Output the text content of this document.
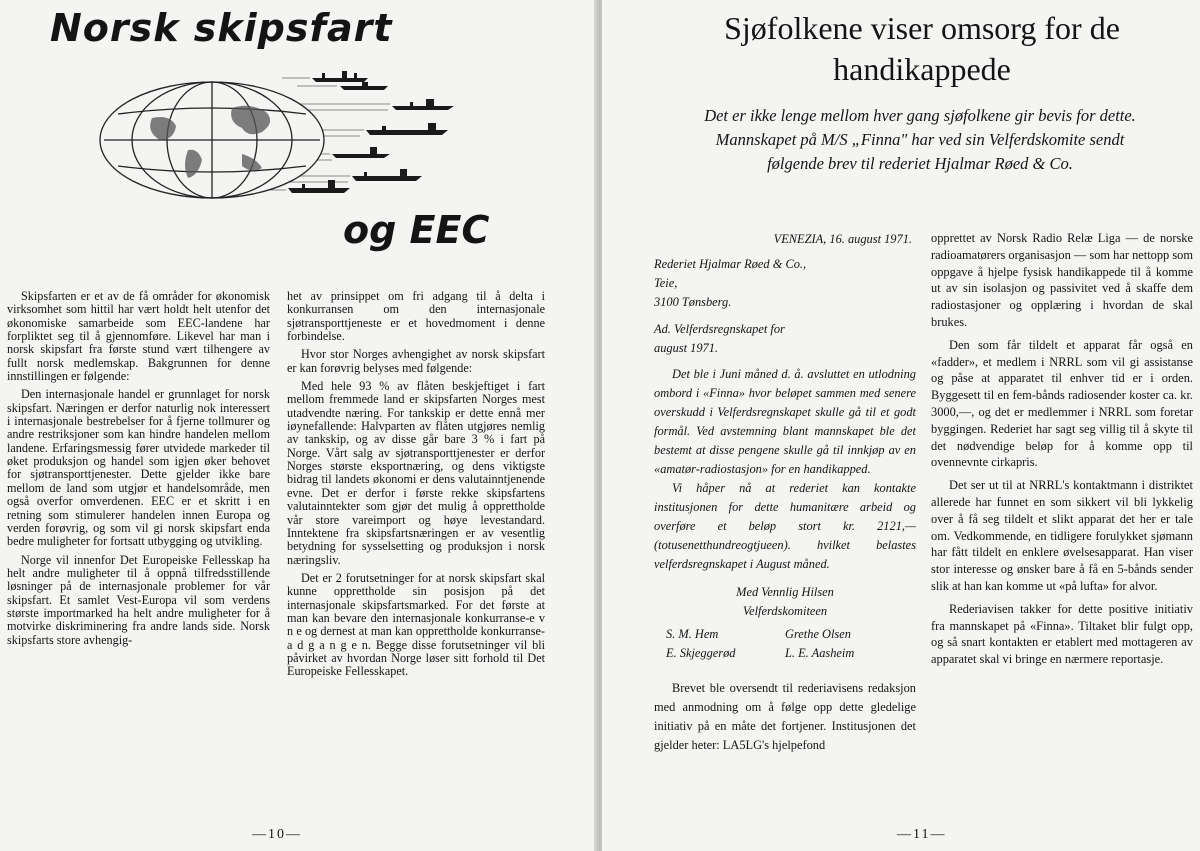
Norsk skipsfart
og EEC

Skipsfarten er et av de få områder for økonomisk virksomhet som hittil har vært holdt helt utenfor det økonomiske samarbeide som EEC-landene har forpliktet seg til å gjennomføre. Likevel har man i norsk skipsfart fra første stund vært tilhengere av fullt norsk medlemskap. Bakgrunnen for denne innstillingen er følgende:

Den internasjonale handel er grunnlaget for norsk skipsfart. Næringen er derfor naturlig nok interessert i internasjonale bestrebelser for å fjerne tollmurer og andre restriksjoner som kan hindre handelen mellom landene. Erfaringsmessig fører utvidede markeder til øket produksjon og handel som igjen øker behovet for sjøtransporttjenester. Dette gjelder ikke bare mellom de land som utgjør et handelsområde, men også overfor omverdenen. EEC er et skritt i en retning som stimulerer handelen innen Europa og verden forøvrig, og som vil gi norsk skipsfart enda bedre muligheter for fortsatt utbygging og utvikling.

Norge vil innenfor Det Europeiske Fellesskap ha helt andre muligheter til å oppnå tilfredsstillende løsninger på de internasjonale problemer for vår skipsfart. Et samlet Vest-Europa vil som verdens største importmarked ha helt andre muligheter for å motvirke diskriminering fra andre lands side. Norsk skipsfarts store avhengig-

het av prinsippet om fri adgang til å delta i konkurransen om den internasjonale sjøtransporttjeneste er et hovedmoment i denne forbindelse.

Hvor stor Norges avhengighet av norsk skipsfart er kan forøvrig belyses med følgende:

Med hele 93 % av flåten beskjeftiget i fart mellom fremmede land er skipsfarten Norges mest utadvendte næring. For tankskip er dette ennå mer iøynefallende: Halvparten av flåten utgjøres nemlig av tankskip, og av disse går bare 3 % i fart på Norge. Vårt salg av sjøtransporttjenester er derfor Norges største eksportnæring, og dens viktigste bidrag til landets økonomi er dens valutainntjenende evne. Det er derfor i første rekke skipsfartens valutainntekter som gjør det mulig å opprettholde vår store vareimport og høye levestandard. Inntektene fra skipsfartsnæringen er av vesentlig betydning for sysselsetting og produksjon i norsk næringsliv.

Det er 2 forutsetninger for at norsk skipsfart skal kunne opprettholde sin posisjon på det internasjonale skipsfartsmarked. For det første at man kan bevare den internasjonale konkurranse-e v n e og dernest at man kan opprettholde konkurranse-a d g a n g e n. Begge disse forutsetninger vil bli påvirket av hvordan Norge løser sitt forhold til Det Europeiske Fellesskapet.

—10—
Sjøfolkene viser omsorg for de handikappede

Det er ikke lenge mellom hver gang sjøfolkene gir bevis for dette. Mannskapet på M/S „Finna" har ved sin Velferdskomite sendt følgende brev til rederiet Hjalmar Røed & Co.

VENEZIA, 16. august 1971.

Rederiet Hjalmar Røed & Co.,
Teie,
3100 Tønsberg.
Ad. Velferdsregnskapet for
august 1971.

Det ble i Juni måned d. å. avsluttet en utlodning ombord i «Finna» hvor beløpet sammen med senere overskudd i Velferdsregnskapet skulle gå til et godt formål. Ved avstemning blant mannskapet ble det bestemt at disse pengene skulle gå til innkjøp av en «amatør-radiostasjon» for en handikapped.

Vi håper nå at rederiet kan kontakte institusjonen for dette humanitære arbeid og overføre et beløp stort kr. 2121,— (totusenetthundreogtjueen). hvilket belastes velferdsregnskapet i August måned.

Med Vennlig Hilsen
Velferdskomiteen
S. M. Hem	Grethe Olsen
E. Skjeggerød	L. E. Aasheim

Brevet ble oversendt til rederiavisens redaksjon med anmodning om å følge opp dette gledelige initiativ på en måte det fortjener. Institusjonen det gjelder heter: LA5LG's hjelpefond

opprettet av Norsk Radio Relæ Liga — de norske radioamatørers organisasjon — som har nettopp som oppgave å hjelpe fysisk handikappede til å komme ut av sin isolasjon og passivitet ved å skaffe dem radiostasjoner og opplæring i hvordan de skal brukes.

Den som får tildelt et apparat får også en «fadder», et medlem i NRRL som vil gi assistanse og påse at apparatet til enhver tid er i orden. Byggesett til en fem-bånds radiosender koster ca. kr. 3000,—, og det er medlemmer i NRRL som foretar byggingen. Rederiet har sagt seg villig til å skyte til det nødvendige beløp for å komme opp til ovennevnte cirkapris.

Det ser ut til at NRRL's kontaktmann i distriktet allerede har funnet en som sikkert vil bli lykkelig over å få seg tildelt et slikt apparat det her er tale om. Vedkommende, en tidligere forulykket sjømann har fått tildelt en enklere øvelsesapparat. Han viser stor interesse og ønsker bare å få en 5-bånds sender slik at han kan komme ut «på lufta» for alvor.

Rederiavisen takker for dette positive initiativ fra mannskapet på «Finna». Tiltaket blir fulgt opp, og så snart kontakten er etablert med mottageren av apparatet skal vi bringe en nærmere reportasje.

—11—
